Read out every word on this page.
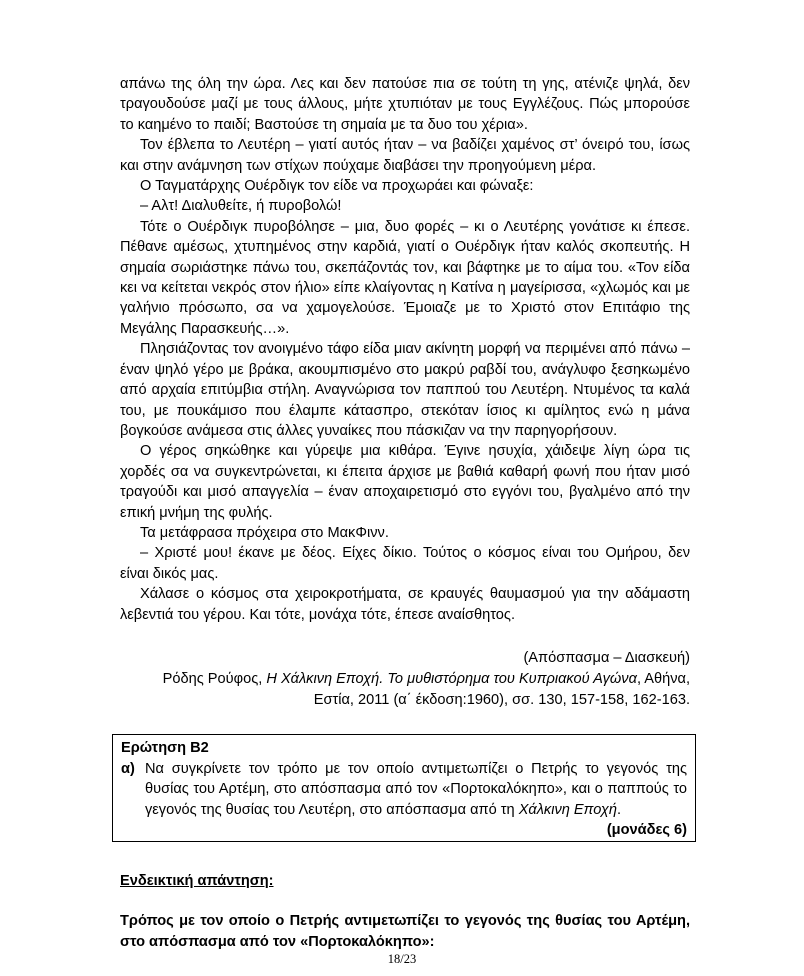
απάνω της όλη την ώρα. Λες και δεν πατούσε πια σε τούτη τη γης, ατένιζε ψηλά, δεν τραγουδούσε μαζί με τους άλλους, μήτε χτυπιόταν με τους Εγγλέζους. Πώς μπορούσε το καημένο το παιδί; Βαστούσε τη σημαία με τα δυο του χέρια».

Τον έβλεπα το Λευτέρη – γιατί αυτός ήταν – να βαδίζει χαμένος στ’ όνειρό του, ίσως και στην ανάμνηση των στίχων πούχαμε διαβάσει την προηγούμενη μέρα.

Ο Ταγματάρχης Ουέρδιγκ τον είδε να προχωράει και φώναξε:

– Αλτ! Διαλυθείτε, ή πυροβολώ!

Τότε ο Ουέρδιγκ πυροβόλησε – μια, δυο φορές – κι ο Λευτέρης γονάτισε κι έπεσε. Πέθανε αμέσως, χτυπημένος στην καρδιά, γιατί ο Ουέρδιγκ ήταν καλός σκοπευτής. Η σημαία σωριάστηκε πάνω του, σκεπάζοντάς τον, και βάφτηκε με το αίμα του. «Τον είδα κει να κείτεται νεκρός στον ήλιο» είπε κλαίγοντας η Κατίνα η μαγείρισσα, «χλωμός και με γαλήνιο πρόσωπο, σα να χαμογελούσε. Έμοιαζε με το Χριστό στον Επιτάφιο της Μεγάλης Παρασκευής…».

Πλησιάζοντας τον ανοιγμένο τάφο είδα μιαν ακίνητη μορφή να περιμένει από πάνω – έναν ψηλό γέρο με βράκα, ακουμπισμένο στο μακρύ ραβδί του, ανάγλυφο ξεσηκωμένο από αρχαία επιτύμβια στήλη. Αναγνώρισα τον παππού του Λευτέρη. Ντυμένος τα καλά του, με πουκάμισο που έλαμπε κάτασπρο, στεκόταν ίσιος κι αμίλητος ενώ η μάνα βογκούσε ανάμεσα στις άλλες γυναίκες που πάσκιζαν να την παρηγορήσουν.

Ο γέρος σηκώθηκε και γύρεψε μια κιθάρα. Έγινε ησυχία, χάιδεψε λίγη ώρα τις χορδές σα να συγκεντρώνεται, κι έπειτα άρχισε με βαθιά καθαρή φωνή που ήταν μισό τραγούδι και μισό απαγγελία – έναν αποχαιρετισμό στο εγγόνι του, βγαλμένο από την επική μνήμη της φυλής.

Τα μετάφρασα πρόχειρα στο ΜακΦινν.

– Χριστέ μου! έκανε με δέος. Είχες δίκιο. Τούτος ο κόσμος είναι του Ομήρου, δεν είναι δικός μας.

Χάλασε ο κόσμος στα χειροκροτήματα, σε κραυγές θαυμασμού για την αδάμαστη λεβεντιά του γέρου. Και τότε, μονάχα τότε, έπεσε αναίσθητος.

(Απόσπασμα – Διασκευή)
Ρόδης Ρούφος, Η Χάλκινη Εποχή. Το μυθιστόρημα του Κυπριακού Αγώνα, Αθήνα,
Εστία, 2011 (α΄ έκδοση:1960), σσ. 130, 157-158, 162-163.
Ερώτηση Β2
α) Να συγκρίνετε τον τρόπο με τον οποίο αντιμετωπίζει ο Πετρής το γεγονός της θυσίας του Αρτέμη, στο απόσπασμα από τον «Πορτοκαλόκηπο», και ο παππούς το γεγονός της θυσίας του Λευτέρη, στο απόσπασμα από τη Χάλκινη Εποχή.
(μονάδες 6)
Ενδεικτική απάντηση:
Τρόπος με τον οποίο ο Πετρής αντιμετωπίζει το γεγονός της θυσίας του Αρτέμη, στο απόσπασμα από τον «Πορτοκαλόκηπο»:
18/23
